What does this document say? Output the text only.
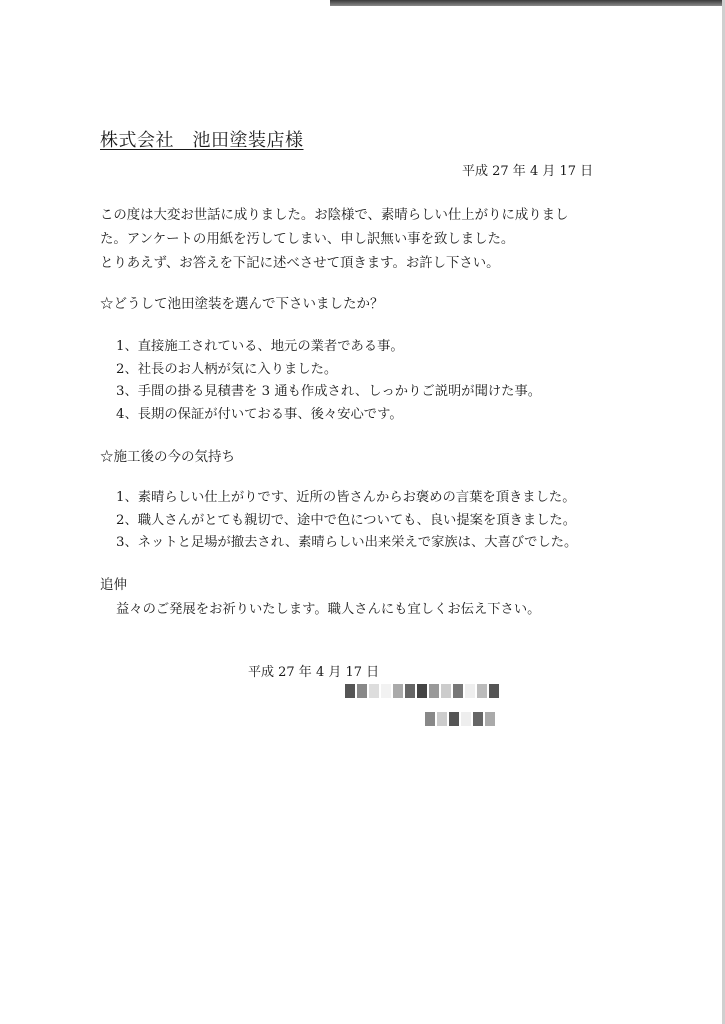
株式会社　池田塗装店様
平成 27 年 4 月 17 日

この度は大変お世話に成りました。お陰様で、素晴らしい仕上がりに成りまし

た。アンケートの用紙を汚してしまい、申し訳無い事を致しました。

とりあえず、お答えを下記に述べさせて頂きます。お許し下さい。

☆どうして池田塗装を選んで下さいましたか？
1、直接施工されている、地元の業者である事。
2、社長のお人柄が気に入りました。
3、手間の掛る見積書を 3 通も作成され、しっかりご説明が聞けた事。
4、長期の保証が付いておる事、後々安心です。
☆施工後の今の気持ち
1、素晴らしい仕上がりです、近所の皆さんからお褒めの言葉を頂きました。
2、職人さんがとても親切で、途中で色についても、良い提案を頂きました。
3、ネットと足場が撤去され、素晴らしい出来栄えで家族は、大喜びでした。
追伸
益々のご発展をお祈りいたします。職人さんにも宜しくお伝え下さい。
平成 27 年 4 月 17 日
